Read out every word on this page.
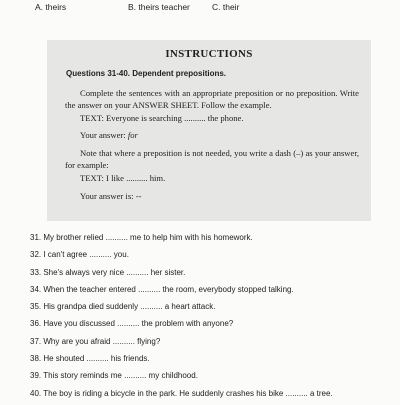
A. theirs	B. theirs teacher	C. their
INSTRUCTIONS
Questions 31-40. Dependent prepositions.
Complete the sentences with an appropriate preposition or no preposition. Write the answer on your ANSWER SHEET. Follow the example.
TEXT: Everyone is searching .......... the phone.
Your answer: for
Note that where a preposition is not needed, you write a dash (–) as your answer, for example:
TEXT: I like .......... him.
Your answer is: --
31. My brother relied .......... me to help him with his homework.
32. I can't agree .......... you.
33. She's always very nice .......... her sister.
34. When the teacher entered .......... the room, everybody stopped talking.
35. His grandpa died suddenly .......... a heart attack.
36. Have you discussed .......... the problem with anyone?
37. Why are you afraid .......... flying?
38. He shouted .......... his friends.
39. This story reminds me .......... my childhood.
40. The boy is riding a bicycle in the park. He suddenly crashes his bike .......... a tree.
